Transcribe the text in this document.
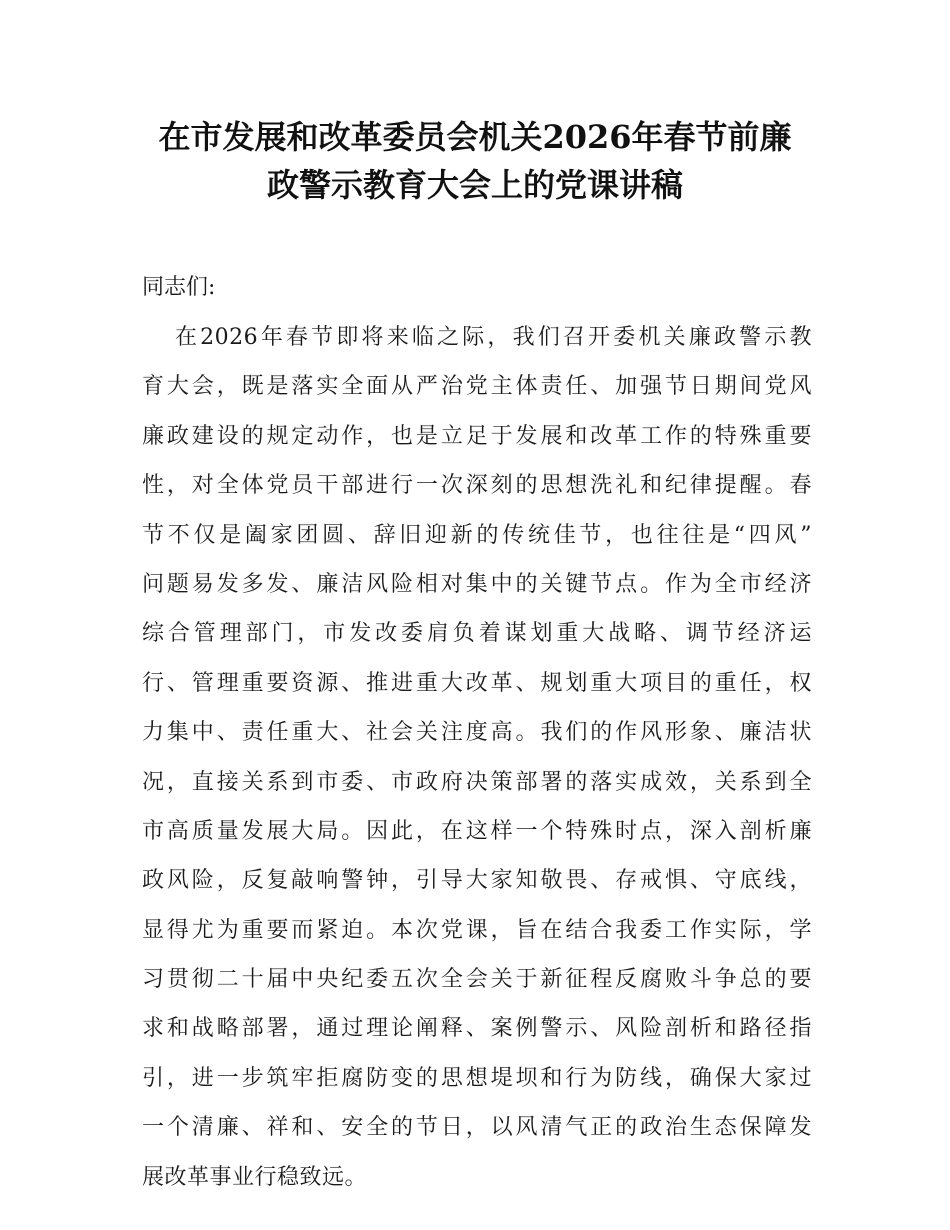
在市发展和改革委员会机关2026年春节前廉
政警示教育大会上的党课讲稿
同志们:
在2026年春节即将来临之际，我们召开委机关廉政警示教
育大会，既是落实全面从严治党主体责任、加强节日期间党风
廉政建设的规定动作，也是立足于发展和改革工作的特殊重要
性，对全体党员干部进行一次深刻的思想洗礼和纪律提醒。春
节不仅是阖家团圆、辞旧迎新的传统佳节，也往往是“四风”
问题易发多发、廉洁风险相对集中的关键节点。作为全市经济
综合管理部门，市发改委肩负着谋划重大战略、调节经济运
行、管理重要资源、推进重大改革、规划重大项目的重任，权
力集中、责任重大、社会关注度高。我们的作风形象、廉洁状
况，直接关系到市委、市政府决策部署的落实成效，关系到全
市高质量发展大局。因此，在这样一个特殊时点，深入剖析廉
政风险，反复敲响警钟，引导大家知敬畏、存戒惧、守底线，
显得尤为重要而紧迫。本次党课，旨在结合我委工作实际，学
习贯彻二十届中央纪委五次全会关于新征程反腐败斗争总的要
求和战略部署，通过理论阐释、案例警示、风险剖析和路径指
引，进一步筑牢拒腐防变的思想堤坝和行为防线，确保大家过
一个清廉、祥和、安全的节日，以风清气正的政治生态保障发
展改革事业行稳致远。
